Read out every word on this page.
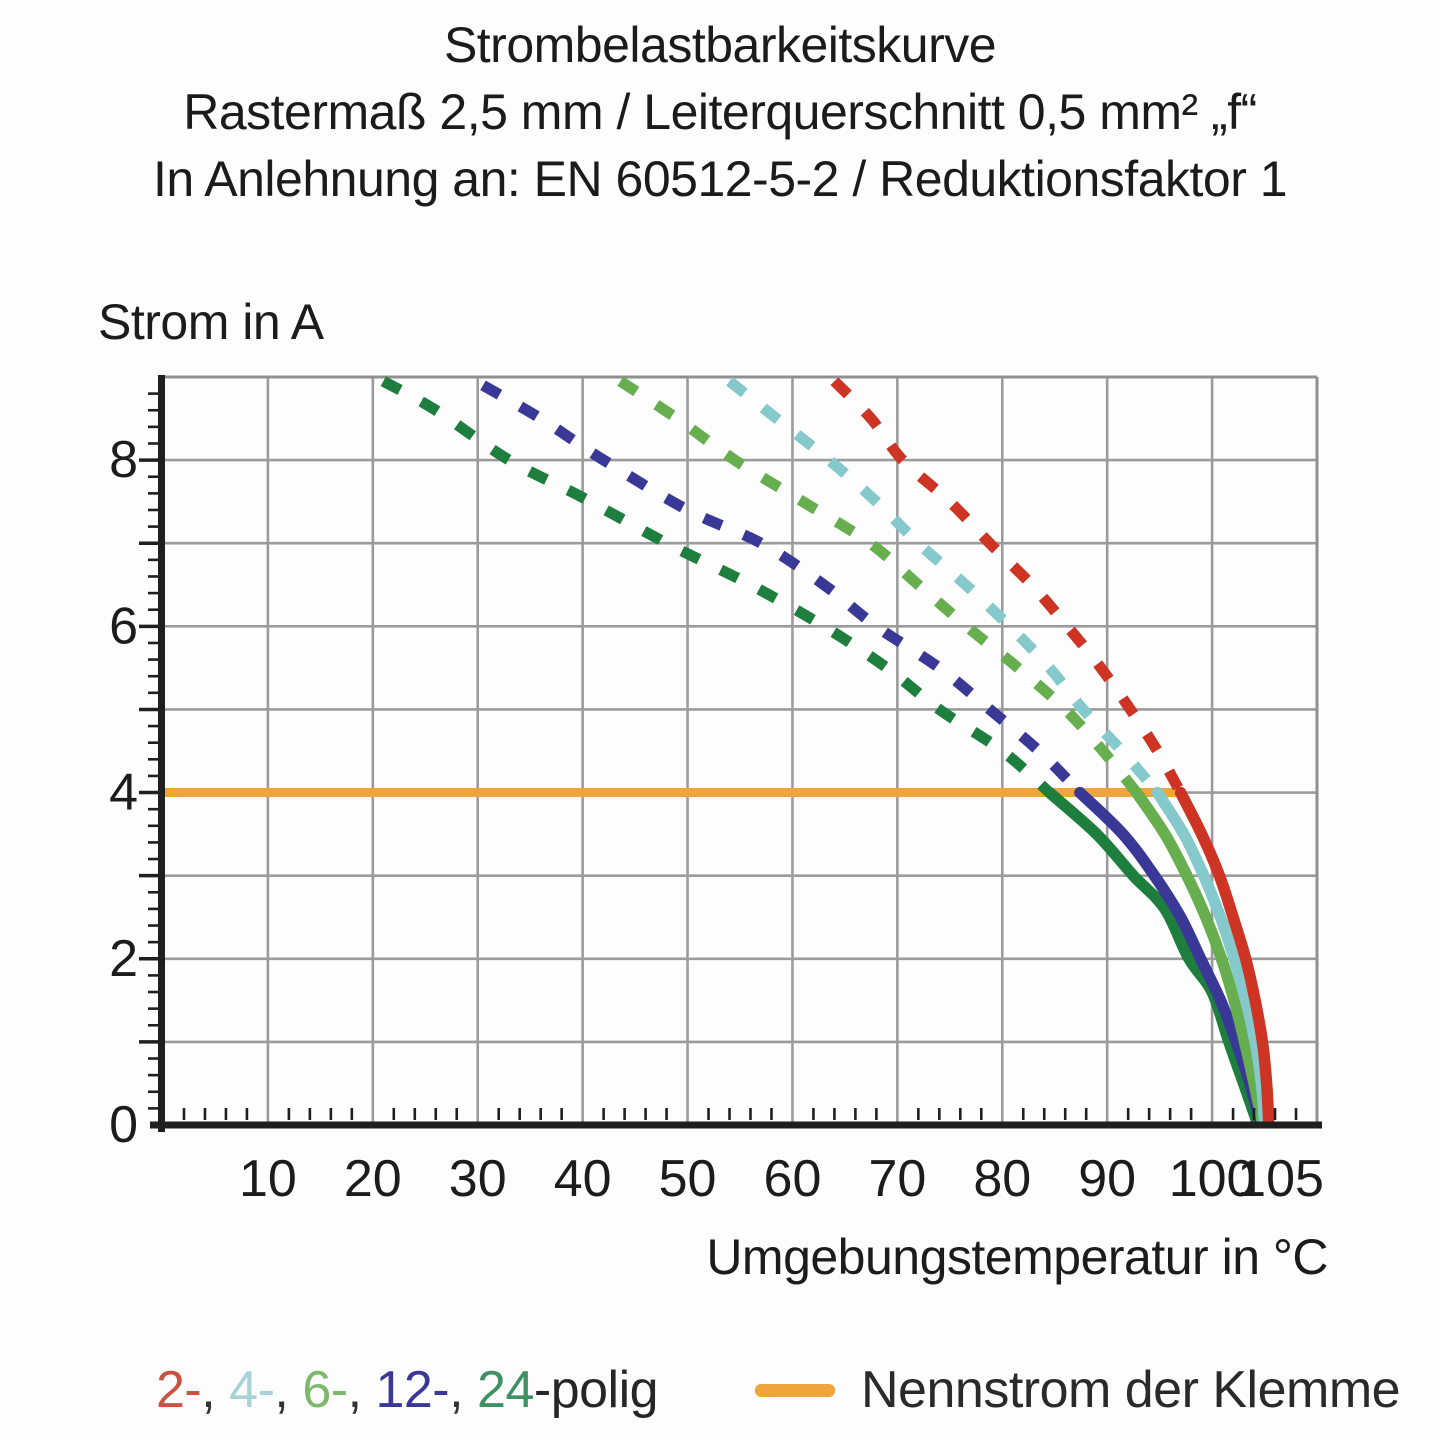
Strombelastbarkeitskurve
Rastermaß 2,5 mm / Leiterquerschnitt 0,5 mm² „f“
In Anlehnung an: EN 60512-5-2 / Reduktionsfaktor 1
Strom in A
0
2
4
6
8
10 20 30 40 50 60 70 80 90 100
105
Umgebungstemperatur in °C
2-, 4-, 6-, 12-, 24-polig	Nennstrom der Klemme
